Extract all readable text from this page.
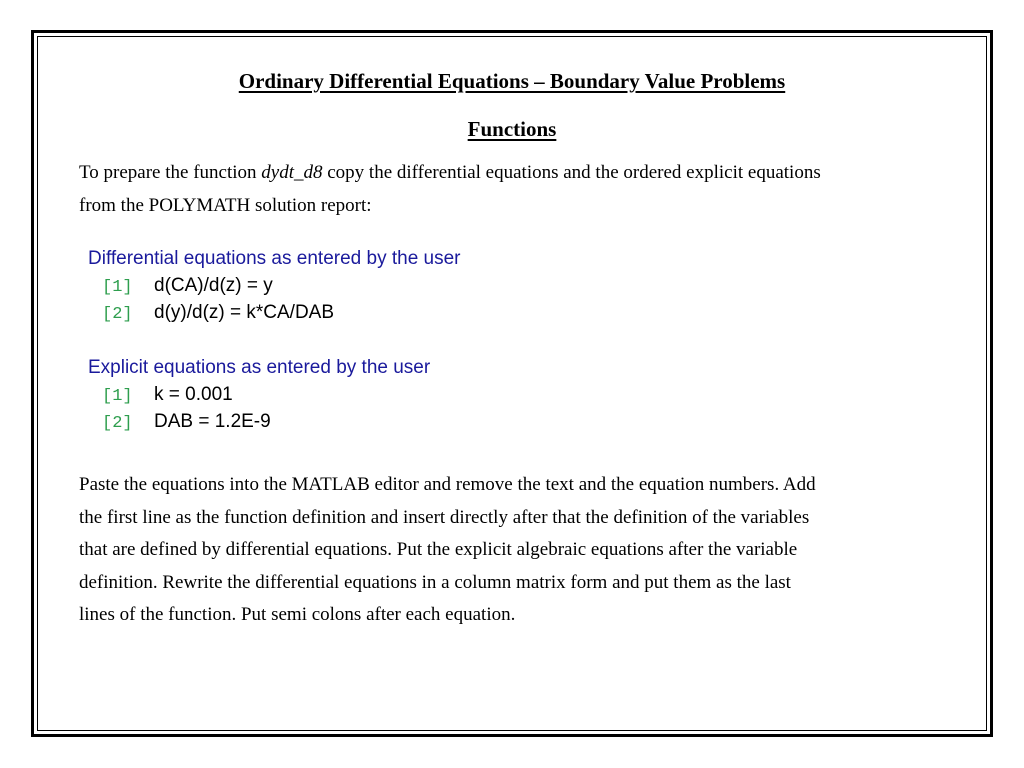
Ordinary Differential Equations – Boundary Value Problems
Functions

To prepare the function dydt_d8 copy the differential equations and the ordered explicit equations
from the POLYMATH solution report:

Differential equations as entered by the user
[1]	d(CA)/d(z) = y
[2]	d(y)/d(z) = k*CA/DAB
Explicit equations as entered by the user
[1]	k = 0.001
[2]	DAB = 1.2E-9

Paste the equations into the MATLAB editor and remove the text and the equation numbers. Add
the first line as the function definition and insert directly after that the definition of the variables
that are defined by differential equations. Put the explicit algebraic equations after the variable
definition. Rewrite the differential equations in a column matrix form and put them as the last
lines of the function. Put semi colons after each equation.
